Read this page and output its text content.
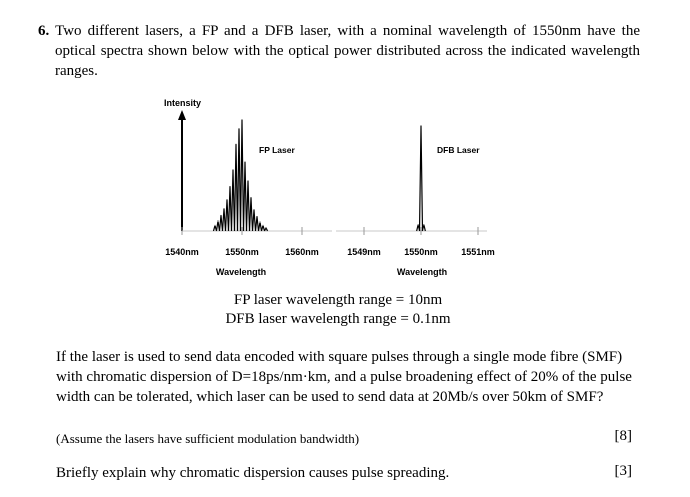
6. Two different lasers, a FP and a DFB laser, with a nominal wavelength of 1550nm have the optical spectra shown below with the optical power distributed across the indicated wavelength ranges.
Intensity
FP Laser
1540nm	1550nm	1560nm
Wavelength
DFB Laser
1549nm	1550nm	1551nm
Wavelength
FP laser wavelength range = 10nm
DFB laser wavelength range = 0.1nm
If the laser is used to send data encoded with square pulses through a single mode fibre (SMF) with chromatic dispersion of D=18ps/nm·km, and a pulse broadening effect of 20% of the pulse width can be tolerated, which laser can be used to send data at 20Mb/s over 50km of SMF?
(Assume the lasers have sufficient modulation bandwidth)	[8]
Briefly explain why chromatic dispersion causes pulse spreading.	[3]
